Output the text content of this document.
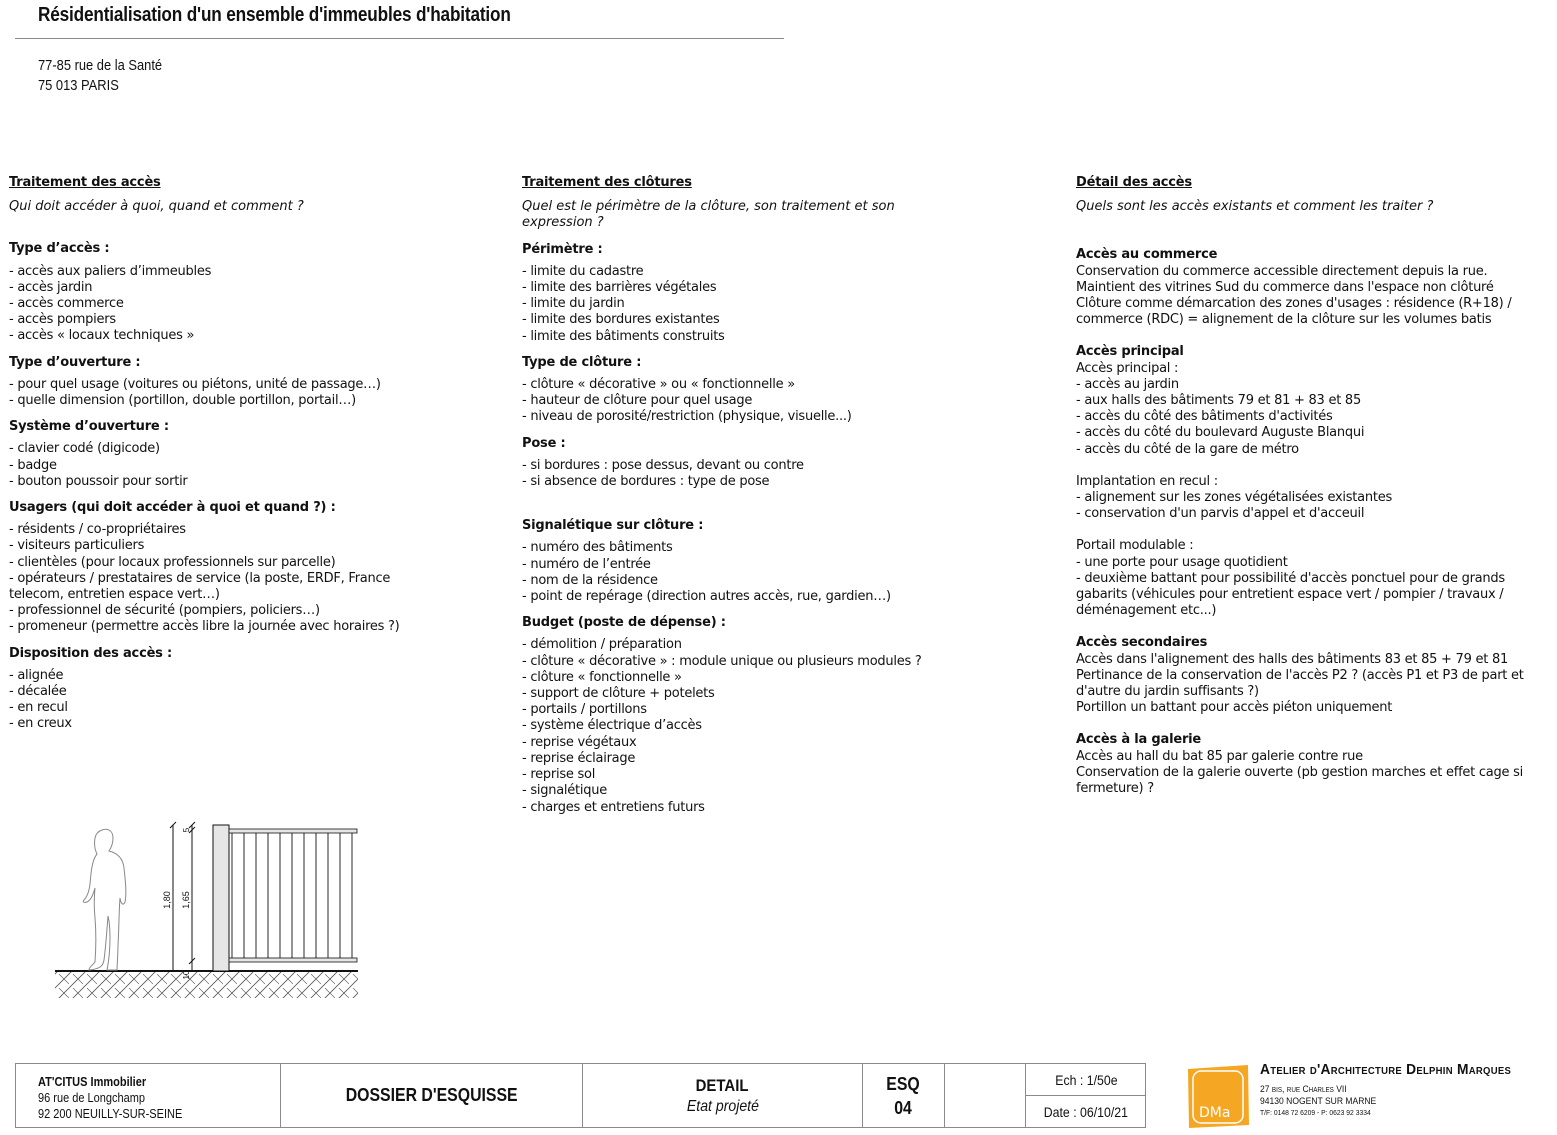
Résidentialisation d'un ensemble d'immeubles d'habitation
77-85 rue de la Santé
75 013 PARIS

Traitement des accès

Qui doit accéder à quoi, quand et comment ?

Type d’accès :

- accès aux paliers d’immeubles

- accès jardin

- accès commerce

- accès pompiers

- accès « locaux techniques »

Type d’ouverture :

- pour quel usage (voitures ou piétons, unité de passage…)

- quelle dimension (portillon, double portillon, portail…)

Système d’ouverture :

- clavier codé (digicode)

- badge

- bouton poussoir pour sortir

Usagers (qui doit accéder à quoi et quand ?) :

- résidents / co-propriétaires

- visiteurs particuliers

- clientèles (pour locaux professionnels sur parcelle)

- opérateurs / prestataires de service (la poste, ERDF, France telecom, entretien espace vert…)

- professionnel de sécurité (pompiers, policiers…)

- promeneur (permettre accès libre la journée avec horaires ?)

Disposition des accès :

- alignée

- décalée

- en recul

- en creux

Traitement des clôtures

Quel est le périmètre de la clôture, son traitement et son expression ?

Périmètre :

- limite du cadastre

- limite des barrières végétales

- limite du jardin

- limite des bordures existantes

- limite des bâtiments construits

Type de clôture :

- clôture « décorative » ou « fonctionnelle »

- hauteur de clôture pour quel usage

- niveau de porosité/restriction (physique, visuelle...)

Pose :

- si bordures : pose dessus, devant ou contre

- si absence de bordures : type de pose

Signalétique sur clôture :

- numéro des bâtiments

- numéro de l’entrée

- nom de la résidence

- point de repérage (direction autres accès, rue, gardien…)

Budget (poste de dépense) :

- démolition / préparation

- clôture « décorative » : module unique ou plusieurs modules ?

- clôture « fonctionnelle »

- support de clôture + potelets

- portails / portillons

- système électrique d’accès

- reprise végétaux

- reprise éclairage

- reprise sol

- signalétique

- charges et entretiens futurs

Détail des accès

Quels sont les accès existants et comment les traiter ?

Accès au commerce

Conservation du commerce accessible directement depuis la rue.

Maintient des vitrines Sud du commerce dans l'espace non clôturé

Clôture comme démarcation des zones d'usages : résidence (R+18) / commerce (RDC) = alignement de la clôture sur les volumes batis

Accès principal

Accès principal :

- accès au jardin

- aux halls des bâtiments 79 et 81 + 83 et 85

- accès du côté des bâtiments d'activités

- accès du côté du boulevard Auguste Blanqui

- accès du côté de la gare de métro

Implantation en recul :

- alignement sur les zones végétalisées existantes

- conservation d'un parvis d'appel et d'acceuil

Portail modulable :

- une porte pour usage quotidient

- deuxième battant pour possibilité d'accès ponctuel pour de grands gabarits (véhicules pour entretient espace vert / pompier / travaux / déménagement etc...)

Accès secondaires

Accès dans l'alignement des halls des bâtiments 83 et 85 + 79 et 81

Pertinance de la conservation de l'accès P2 ? (accès P1 et P3 de part et d'autre du jardin suffisants ?)

Portillon un battant pour accès piéton uniquement

Accès à la galerie

Accès au hall du bat 85 par galerie contre rue

Conservation de la galerie ouverte (pb gestion marches et effet cage si fermeture) ?

1,80 1,65
5
10
AT'CITUS Immobilier
96 rue de Longchamp
92 200 NEUILLY-SUR-SEINE
DOSSIER D'ESQUISSE	DETAIL
Etat projeté
ESQ
04
Ech : 1/50e
Date : 06/10/21	DMa
Atelier d'Architecture Delphin Marques
27 bis, rue Charles VII
94130 NOGENT SUR MARNE
T/F: 0148 72 6209 - P: 0623 92 3334
